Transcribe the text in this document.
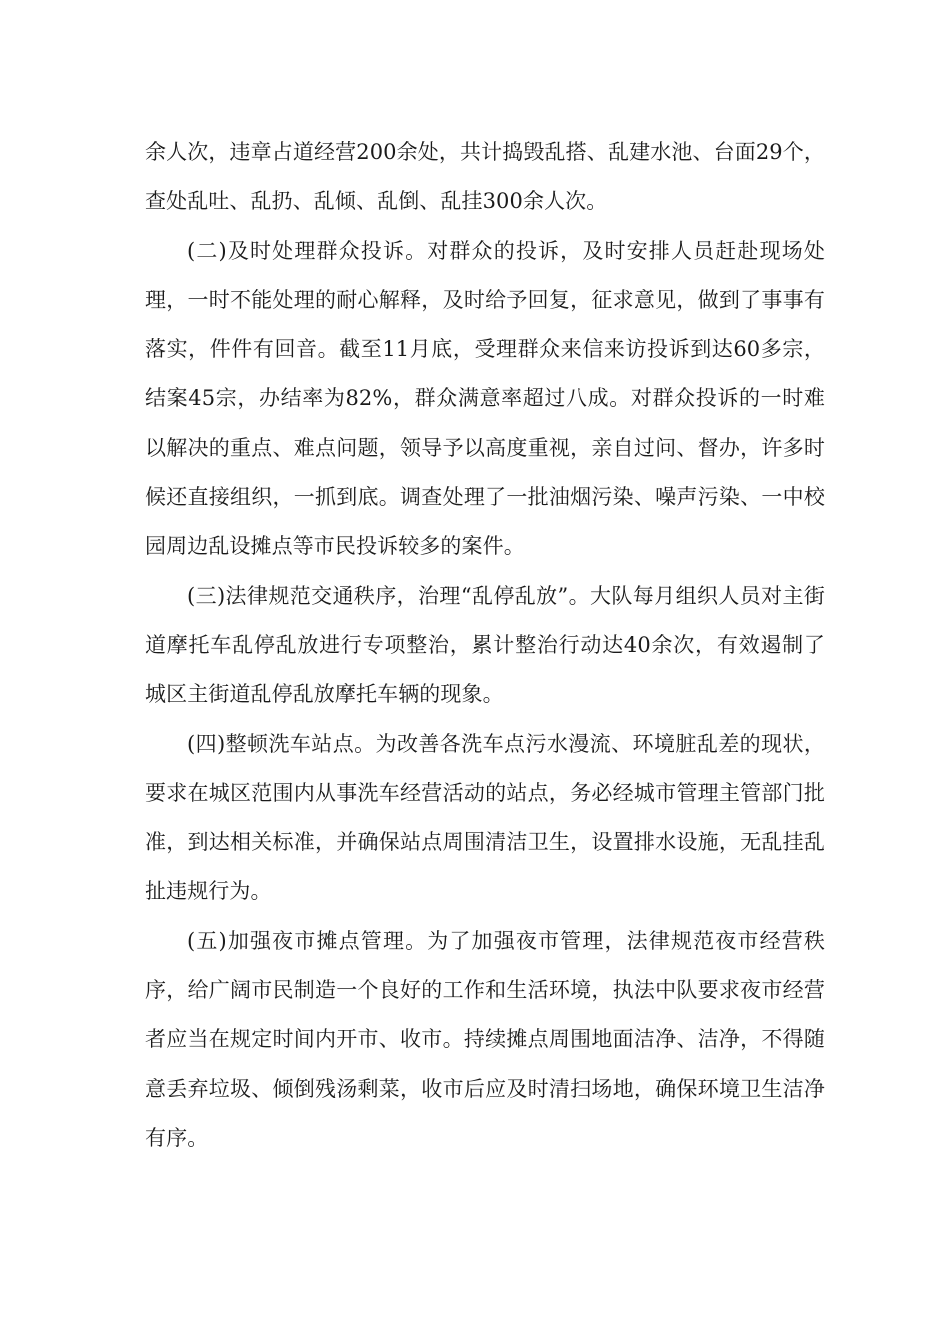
余人次，违章占道经营200余处，共计捣毁乱搭、乱建水池、台面29个，查处乱吐、乱扔、乱倾、乱倒、乱挂300余人次。

(二)及时处理群众投诉。对群众的投诉，及时安排人员赶赴现场处理，一时不能处理的耐心解释，及时给予回复，征求意见，做到了事事有落实，件件有回音。截至11月底，受理群众来信来访投诉到达60多宗，结案45宗，办结率为82%，群众满意率超过八成。对群众投诉的一时难以解决的重点、难点问题，领导予以高度重视，亲自过问、督办，许多时候还直接组织，一抓到底。调查处理了一批油烟污染、噪声污染、一中校园周边乱设摊点等市民投诉较多的案件。

(三)法律规范交通秩序，治理“乱停乱放”。大队每月组织人员对主街道摩托车乱停乱放进行专项整治，累计整治行动达40余次，有效遏制了城区主街道乱停乱放摩托车辆的现象。

(四)整顿洗车站点。为改善各洗车点污水漫流、环境脏乱差的现状，要求在城区范围内从事洗车经营活动的站点，务必经城市管理主管部门批准，到达相关标准，并确保站点周围清洁卫生，设置排水设施，无乱挂乱扯违规行为。

(五)加强夜市摊点管理。为了加强夜市管理，法律规范夜市经营秩序，给广阔市民制造一个良好的工作和生活环境，执法中队要求夜市经营者应当在规定时间内开市、收市。持续摊点周围地面洁净、洁净，不得随意丢弃垃圾、倾倒残汤剩菜，收市后应及时清扫场地，确保环境卫生洁净有序。
